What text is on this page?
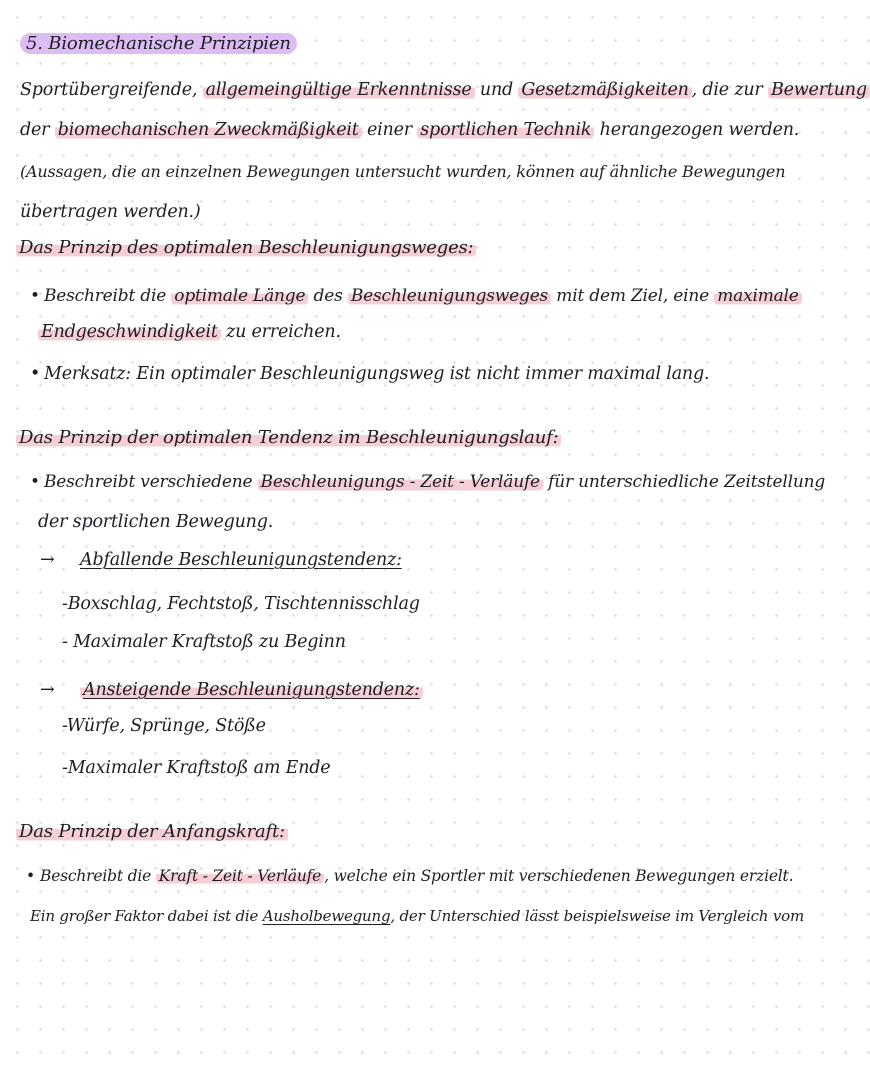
5. Biomechanische Prinzipien
Sportübergreifende, allgemeingültige Erkenntnisse und Gesetzmäßigkeiten , die zur Bewertung
der biomechanischen Zweckmäßigkeit einer sportlichen Technik herangezogen werden.
(Aussagen, die an einzelnen Bewegungen untersucht wurden, können auf ähnliche Bewegungen
übertragen werden.)
Das Prinzip des optimalen Beschleunigungsweges:
• Beschreibt die optimale Länge des Beschleunigungsweges mit dem Ziel, eine maximale
Endgeschwindigkeit zu erreichen.
• Merksatz: Ein optimaler Beschleunigungsweg ist nicht immer maximal lang.
Das Prinzip der optimalen Tendenz im Beschleunigungslauf:
• Beschreibt verschiedene Beschleunigungs - Zeit - Verläufe für unterschiedliche Zeitstellung
der sportlichen Bewegung.
→ Abfallende Beschleunigungstendenz:
-Boxschlag, Fechtstoß, Tischtennisschlag
- Maximaler Kraftstoß zu Beginn
→ Ansteigende Beschleunigungstendenz:
-Würfe, Sprünge, Stöße
-Maximaler Kraftstoß am Ende
Das Prinzip der Anfangskraft:
• Beschreibt die Kraft - Zeit - Verläufe , welche ein Sportler mit verschiedenen Bewegungen erzielt.
Ein großer Faktor dabei ist die Ausholbewegung, der Unterschied lässt beispielsweise im Vergleich vom
